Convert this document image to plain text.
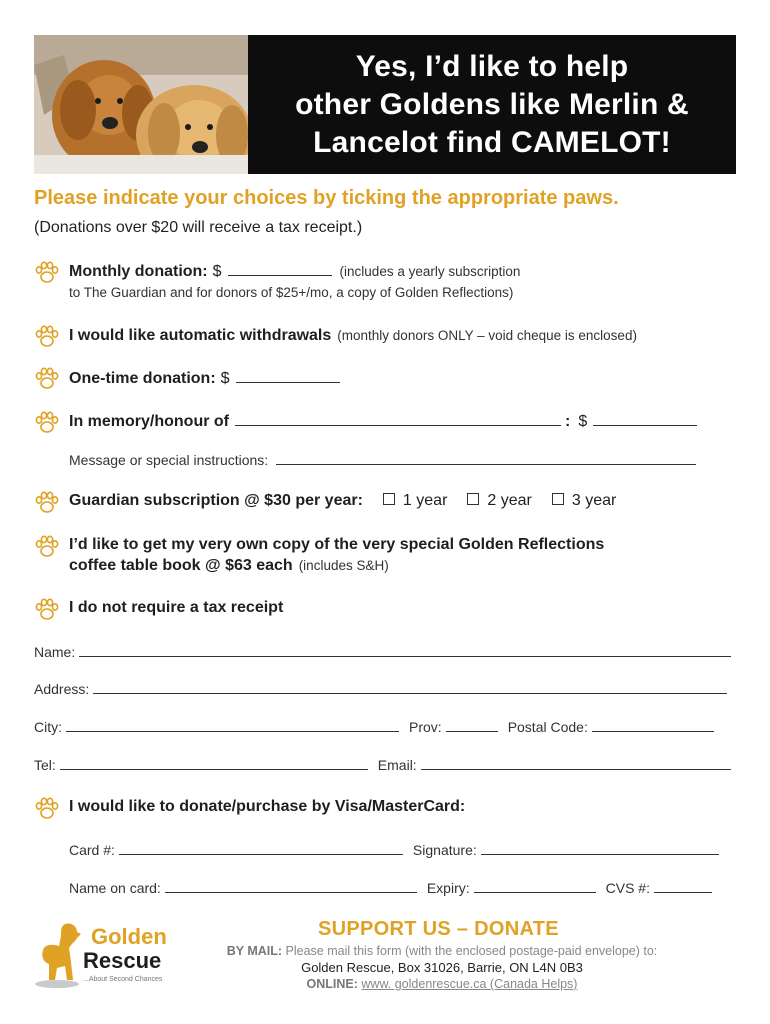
Yes, I’d like to help
other Goldens like Merlin &
Lancelot find CAMELOT!
Please indicate your choices by ticking the appropriate paws.
(Donations over $20 will receive a tax receipt.)
Monthly donation: $	(includes a yearly subscription
to The Guardian and for donors of $25+/mo, a copy of Golden Reflections)
I would like automatic withdrawals (monthly donors ONLY – void cheque is enclosed)
One-time donation: $
In memory/honour of	: $
Message or special instructions:
Guardian subscription @ $30 per year:	1 year	2 year	3 year
I’d like to get my very own copy of the very special Golden Reflections
coffee table book @ $63 each (includes S&H)
I do not require a tax receipt
Name:
Address:
City:	Prov:	Postal Code:
Tel:	Email:
I would like to donate/purchase by Visa/MasterCard:
Card #:	Signature:
Name on card:	Expiry:	CVS #:
Golden
Rescue
...About Second Chances
SUPPORT US – DONATE
BY MAIL: Please mail this form (with the enclosed postage-paid envelope) to:
Golden Rescue, Box 31026, Barrie, ON L4N 0B3
ONLINE: www. goldenrescue.ca (Canada Helps)
